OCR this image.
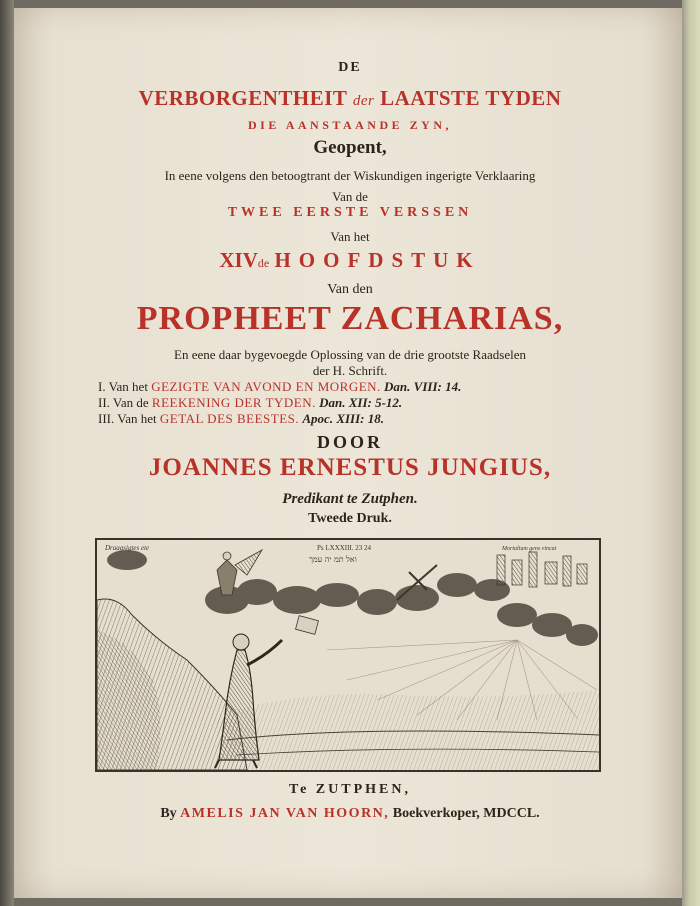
DE
VERBORGENTHEIT der LAATSTE TYDEN
DIE AANSTAANDE ZYN,
Geopent,
In eene volgens den betoogtrant der Wiskundigen ingerigte Verklaaring
Van de
TWEE EERSTE VERSSEN
Van het
XIVde HOOFDSTUK
Van den
PROPHEET ZACHARIAS,
En eene daar bygevoegde Oplossing van de drie grootste Raadselen
der H. Schrift.
I. Van het GEZIGTE VAN AVOND EN MORGEN. Dan. VIII: 14.
II. Van de REEKENING DER TYDEN. Dan. XII: 5-12.
III. Van het GETAL DES BEESTES. Apoc. XIII: 18.
DOOR
JOANNES ERNESTUS JUNGIUS,
Predikant te Zutphen.
Tweede Druk.
Draagsigtes ete	Ps LXXXIII. 23 24
ואל תמ יה עמך
Mortalium gens vincat
Te ZUTPHEN,
By AMELIS JAN VAN HOORN, Boekverkoper, MDCCL.
